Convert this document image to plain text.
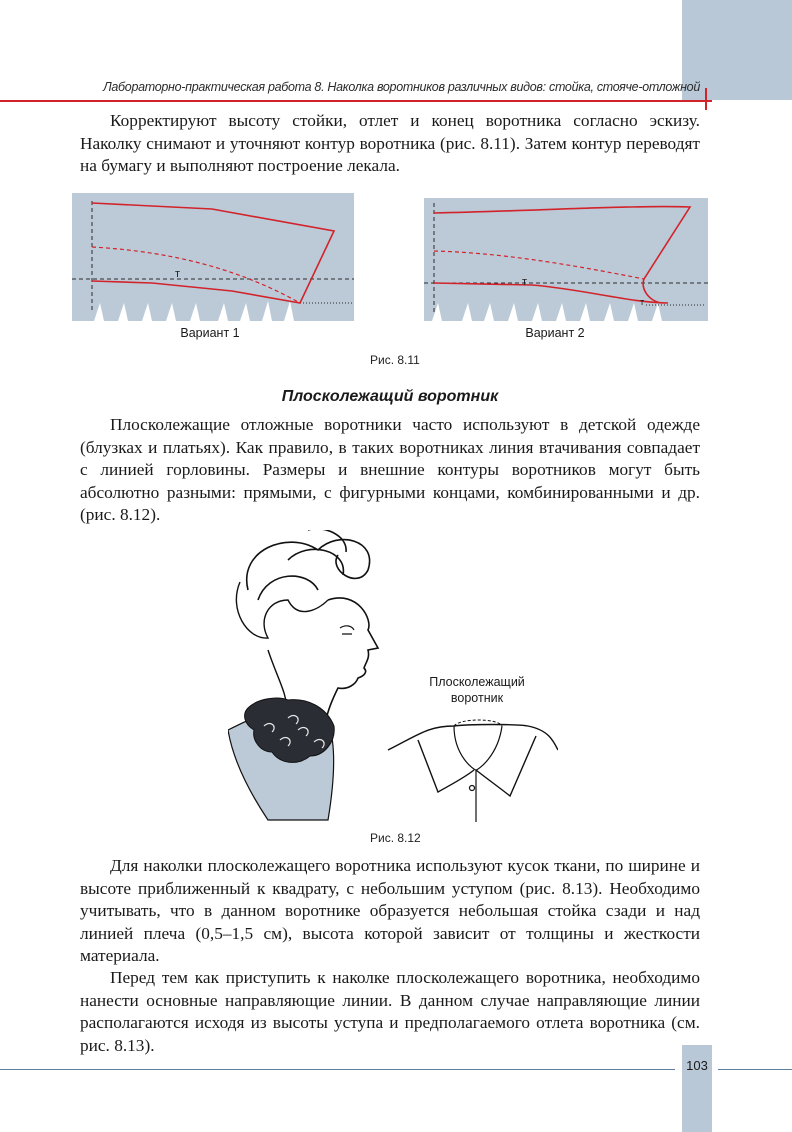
Лабораторно-практическая работа 8. Наколка воротников различных видов: стойка, стояче-отложной

Корректируют высоту стойки, отлет и конец воротника согласно эскизу. Наколку снимают и уточняют контур воротника (рис. 8.11). Затем контур переводят на бумагу и выполняют построение лекала.

т
т
т
Вариант 1	Вариант 2
Рис. 8.11
Плосколежащий воротник

Плосколежащие отложные воротники часто используют в детской одежде (блузках и платьях). Как правило, в таких воротниках линия втачивания совпадает с линией горловины. Размеры и внешние контуры воротников могут быть абсолютно разными: прямыми, с фигурными концами, комбинированными и др. (рис. 8.12).

Плосколежащий
воротник
Рис. 8.12

Для наколки плосколежащего воротника используют кусок ткани, по ширине и высоте приближенный к квадрату, с небольшим уступом (рис. 8.13). Необходимо учитывать, что в данном воротнике образуется небольшая стойка сзади и над линией плеча (0,5–1,5 см), высота которой зависит от толщины и жесткости материала.

Перед тем как приступить к наколке плосколежащего воротника, необходимо нанести основные направляющие линии. В данном случае направляющие линии располагаются исходя из высоты уступа и предполагаемого отлета воротника (см. рис. 8.13).

103
